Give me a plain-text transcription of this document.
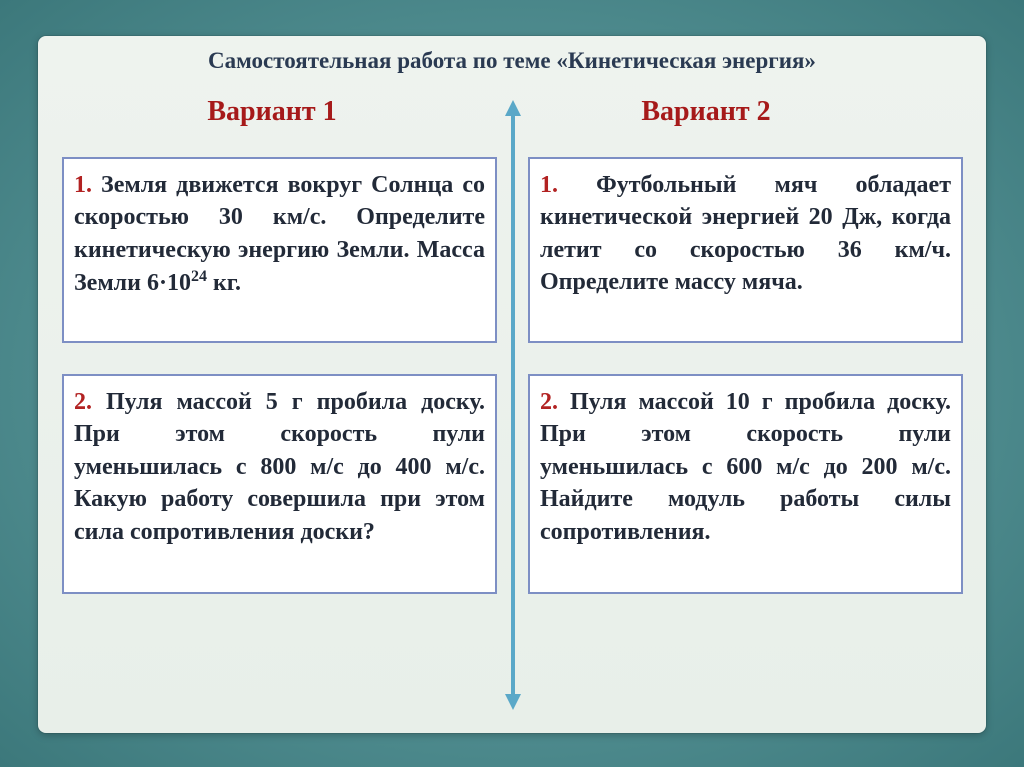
Самостоятельная работа по теме «Кинетическая энергия»
Вариант 1	Вариант 2
1. Земля движется вокруг Солнца со скоростью 30 км/с. Определите кинетическую энергию Земли. Масса Земли $6\cdot 10^{24}$ кг.
1. Футбольный мяч обладает кинетической энергией 20 Дж, когда летит со скоростью 36 км/ч. Определите массу мяча.
2. Пуля массой 5 г пробила доску. При этом скорость пули уменьшилась с 800 м/с до 400 м/с. Какую работу совершила при этом сила сопротивления доски?
2. Пуля массой 10 г пробила доску. При этом скорость пули уменьшилась с 600 м/с до 200 м/с. Найдите модуль работы силы сопротивления.
